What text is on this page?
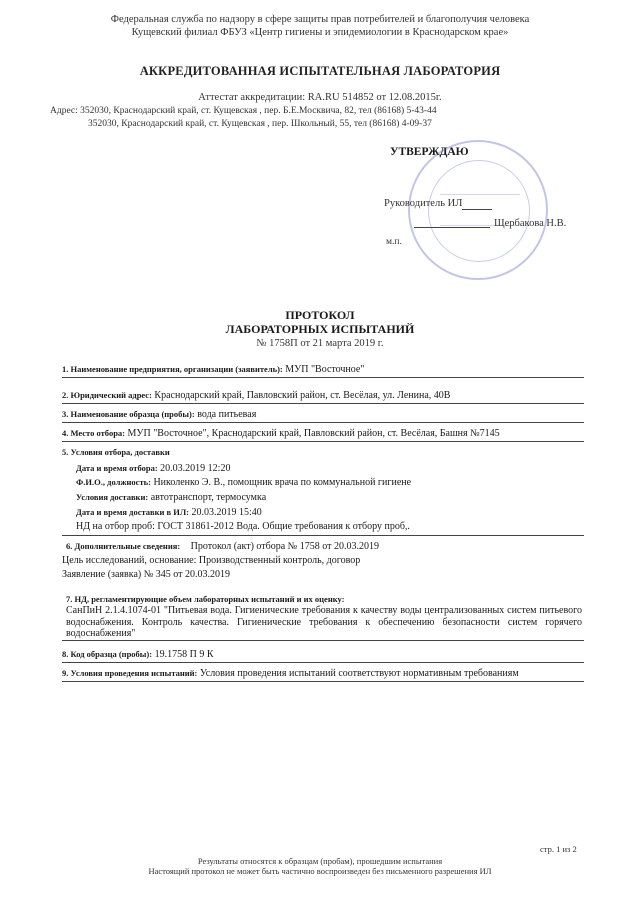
Федеральная служба по надзору в сфере защиты прав потребителей и благополучия человека
Кущевский филиал ФБУЗ «Центр гигиены и эпидемиологии в Краснодарском крае»
АККРЕДИТОВАННАЯ ИСПЫТАТЕЛЬНАЯ ЛАБОРАТОРИЯ
Аттестат аккредитации: RA.RU 514852 от 12.08.2015г.
Адрес: 352030, Краснодарский край, ст. Кущевская , пер. Б.Е.Москвича, 82, тел (86168) 5-43-44
352030, Краснодарский край, ст. Кущевская , пер. Школьный, 55, тел (86168) 4-09-37
УТВЕРЖДАЮ
Руководитель ИЛ
Щербакова Н.В.
м.п.
ПРОТОКОЛ
ЛАБОРАТОРНЫХ ИСПЫТАНИЙ
№ 1758П от 21 марта 2019 г.
1. Наименование предприятия, организации (заявитель): МУП "Восточное"
2. Юридический адрес: Краснодарский край, Павловский район, ст. Весёлая, ул. Ленина, 40В
3. Наименование образца (пробы): вода питьевая
4. Место отбора: МУП "Восточное", Краснодарский край, Павловский район, ст. Весёлая, Башня №7145
5. Условия отбора, доставки
Дата и время отбора: 20.03.2019 12:20
Ф.И.О., должность: Николенко Э. В., помощник врача по коммунальной гигиене
Условия доставки: автотранспорт, термосумка
Дата и время доставки в ИЛ: 20.03.2019 15:40
НД на отбор проб: ГОСТ 31861-2012 Вода. Общие требования к отбору проб,.
6. Дополнительные сведения: Протокол (акт) отбора № 1758 от 20.03.2019
Цель исследований, основание: Производственный контроль, договор
Заявление (заявка) № 345 от 20.03.2019
7. НД, регламентирующие объем лабораторных испытаний и их оценку:
СанПиН 2.1.4.1074-01 "Питьевая вода. Гигиенические требования к качеству воды централизованных систем питьевого водоснабжения. Контроль качества. Гигиенические требования к обеспечению безопасности систем горячего водоснабжения"
8. Код образца (пробы): 19.1758 П 9 К
9. Условия проведения испытаний: Условия проведения испытаний соответствуют нормативным требованиям
стр. 1 из 2
Результаты относятся к образцам (пробам), прошедшим испытания
Настоящий протокол не может быть частично воспроизведен без письменного разрешения ИЛ
